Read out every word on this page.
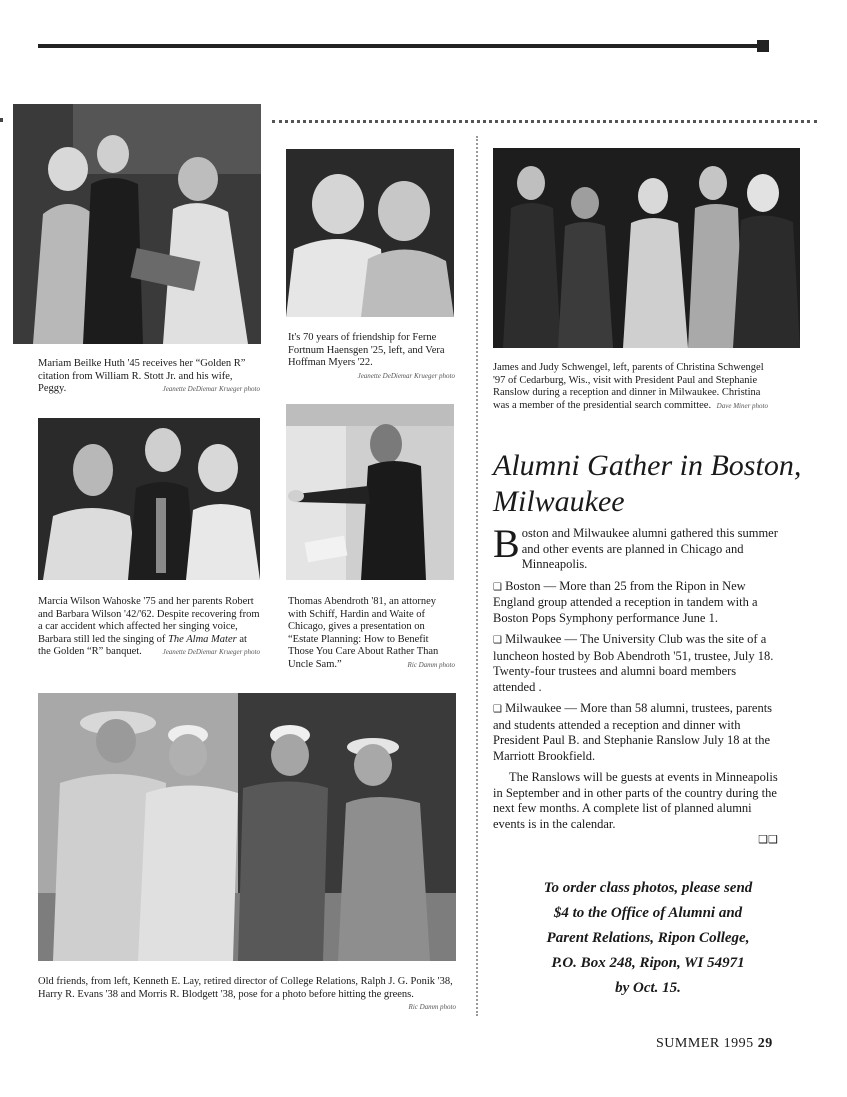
Mariam Beilke Huth '45 receives her “Golden R” citation from William R. Stott Jr. and his wife, Peggy.	Jeanette DeDiemar Krueger photo

It's 70 years of friendship for Ferne Fortnum Haensgen '25, left, and Vera Hoffman Myers '22.
Jeanette DeDiemar Krueger photo

James and Judy Schwengel, left, parents of Christina Schwengel '97 of Cedarburg, Wis., visit with President Paul and Stephanie Ranslow during a reception and dinner in Milwaukee. Christina was a member of the presidential search committee. Dave Miner photo

Marcia Wilson Wahoske '75 and her parents Robert and Barbara Wilson '42/'62. Despite recovering from a car accident which affected her singing voice, Barbara still led the singing of The Alma Mater at the Golden “R” banquet.	Jeanette DeDiemar Krueger photo

Thomas Abendroth '81, an attorney with Schiff, Hardin and Waite of Chicago, gives a presentation on “Estate Planning: How to Benefit Those You Care About Rather Than Uncle Sam.”	Ric Damm photo

Old friends, from left, Kenneth E. Lay, retired director of College Relations, Ralph J. G. Ponik '38, Harry R. Evans '38 and Morris R. Blodgett '38, pose for a photo before hitting the greens.
Ric Damm photo

Alumni Gather in Boston, Milwaukee

Boston and Milwaukee alumni gathered this summer and other events are planned in Chicago and Minneapolis.

❑ Boston — More than 25 from the Ripon in New England group attended a reception in tandem with a Boston Pops Symphony performance June 1.

❑ Milwaukee — The University Club was the site of a luncheon hosted by Bob Abendroth '51, trustee, July 18. Twenty-four trustees and alumni board members attended .

❑ Milwaukee — More than 58 alumni, trustees, parents and students attended a reception and dinner with President Paul B. and Stephanie Ranslow July 18 at the Marriott Brookfield.

The Ranslows will be guests at events in Minneapolis in September and in other parts of the country during the next few months. A complete list of planned alumni events is in the calendar.

❑❑
To order class photos, please send
$4 to the Office of Alumni and
Parent Relations, Ripon College,
P.O. Box 248, Ripon, WI 54971
by Oct. 15.
SUMMER 1995 29
